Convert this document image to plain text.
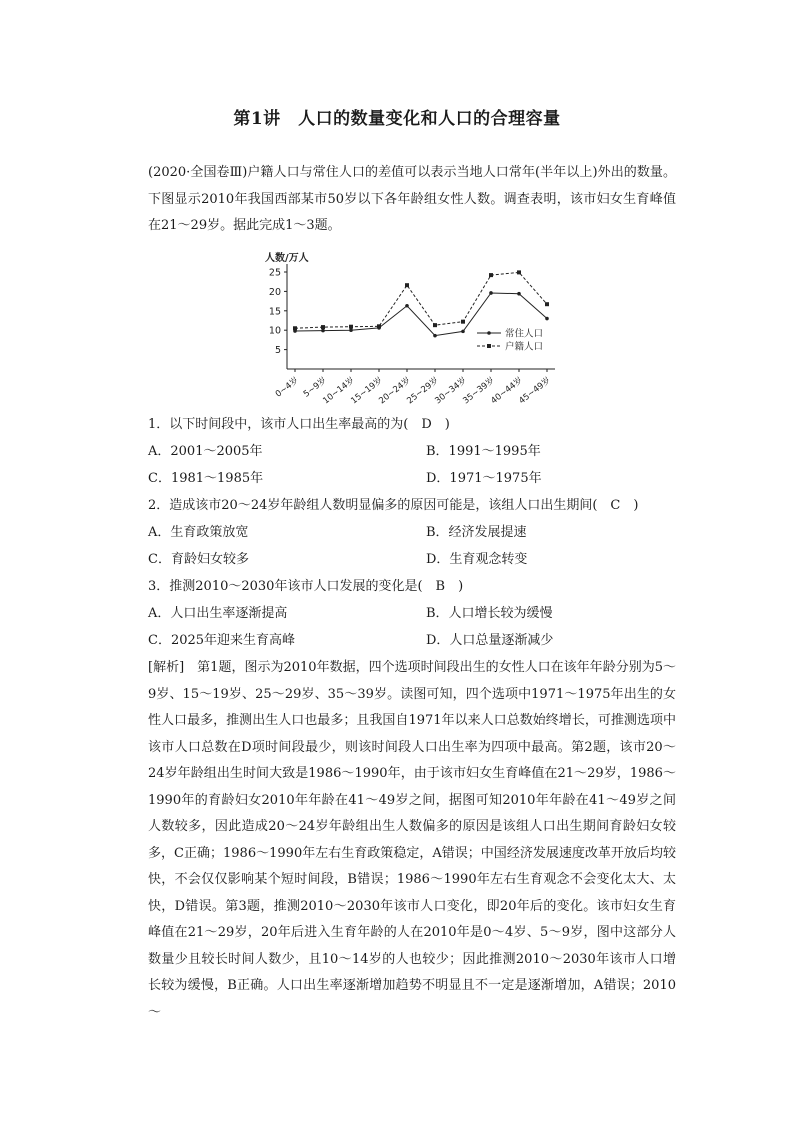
第1讲　人口的数量变化和人口的合理容量
(2020·全国卷Ⅲ)户籍人口与常住人口的差值可以表示当地人口常年(半年以上)外出的数量。下图显示2010年我国西部某市50岁以下各年龄组女性人数。调查表明，该市妇女生育峰值在21～29岁。据此完成1～3题。
人数/万人
5
10
15
20
25
0~4岁 5~9岁
10~14岁
15~19岁
20~24岁
25~29岁
30~34岁
35~39岁
40~44岁
45~49岁
常住人口
户籍人口
1．以下时间段中，该市人口出生率最高的为(　D　)
A．2001～2005年	B．1991～1995年
C．1981～1985年	D．1971～1975年
2．造成该市20～24岁年龄组人数明显偏多的原因可能是，该组人口出生期间(　C　)
A．生育政策放宽	B．经济发展提速
C．育龄妇女较多	D．生育观念转变
3．推测2010～2030年该市人口发展的变化是(　B　)
A．人口出生率逐渐提高	B．人口增长较为缓慢
C．2025年迎来生育高峰	D．人口总量逐渐减少
[解析]　第1题，图示为2010年数据，四个选项时间段出生的女性人口在该年年龄分别为5～9岁、15～19岁、25～29岁、35～39岁。读图可知，四个选项中1971～1975年出生的女性人口最多，推测出生人口也最多；且我国自1971年以来人口总数始终增长，可推测选项中该市人口总数在D项时间段最少，则该时间段人口出生率为四项中最高。第2题，该市20～24岁年龄组出生时间大致是1986～1990年，由于该市妇女生育峰值在21～29岁，1986～1990年的育龄妇女2010年年龄在41～49岁之间，据图可知2010年年龄在41～49岁之间人数较多，因此造成20～24岁年龄组出生人数偏多的原因是该组人口出生期间育龄妇女较多，C正确；1986～1990年左右生育政策稳定，A错误；中国经济发展速度改革开放后均较快，不会仅仅影响某个短时间段，B错误；1986～1990年左右生育观念不会变化太大、太快，D错误。第3题，推测2010～2030年该市人口变化，即20年后的变化。该市妇女生育峰值在21～29岁，20年后进入生育年龄的人在2010年是0～4岁、5～9岁，图中这部分人数量少且较长时间人数少，且10～14岁的人也较少；因此推测2010～2030年该市人口增长较为缓慢，B正确。人口出生率逐渐增加趋势不明显且不一定是逐渐增加，A错误；2010～
